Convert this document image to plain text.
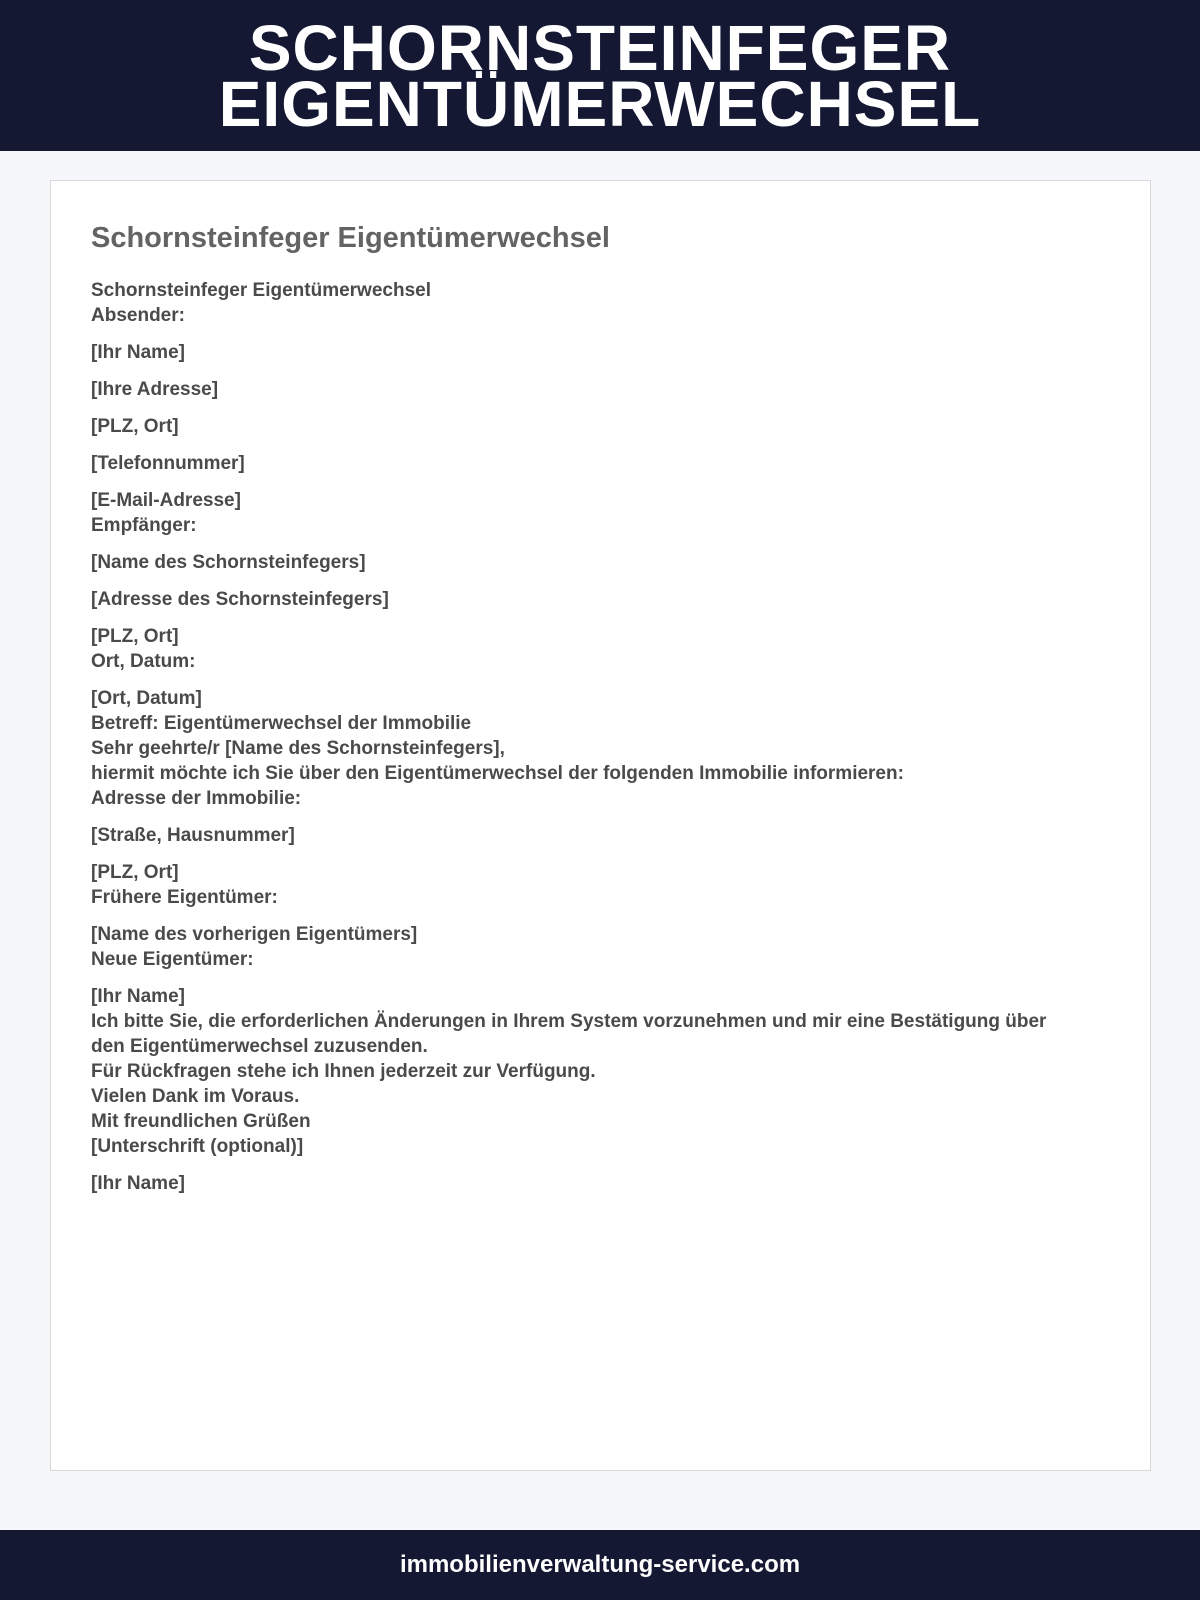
SCHORNSTEINFEGER
EIGENTÜMERWECHSEL
Schornsteinfeger Eigentümerwechsel
Schornsteinfeger Eigentümerwechsel
Absender:
[Ihr Name]
[Ihre Adresse]
[PLZ, Ort]
[Telefonnummer]
[E-Mail-Adresse]
Empfänger:
[Name des Schornsteinfegers]
[Adresse des Schornsteinfegers]
[PLZ, Ort]
Ort, Datum:
[Ort, Datum]
Betreff: Eigentümerwechsel der Immobilie
Sehr geehrte/r [Name des Schornsteinfegers],
hiermit möchte ich Sie über den Eigentümerwechsel der folgenden Immobilie informieren:
Adresse der Immobilie:
[Straße, Hausnummer]
[PLZ, Ort]
Frühere Eigentümer:
[Name des vorherigen Eigentümers]
Neue Eigentümer:
[Ihr Name]
Ich bitte Sie, die erforderlichen Änderungen in Ihrem System vorzunehmen und mir eine Bestätigung über
den Eigentümerwechsel zuzusenden.
Für Rückfragen stehe ich Ihnen jederzeit zur Verfügung.
Vielen Dank im Voraus.
Mit freundlichen Grüßen
[Unterschrift (optional)]
[Ihr Name]
immobilienverwaltung-service.com
